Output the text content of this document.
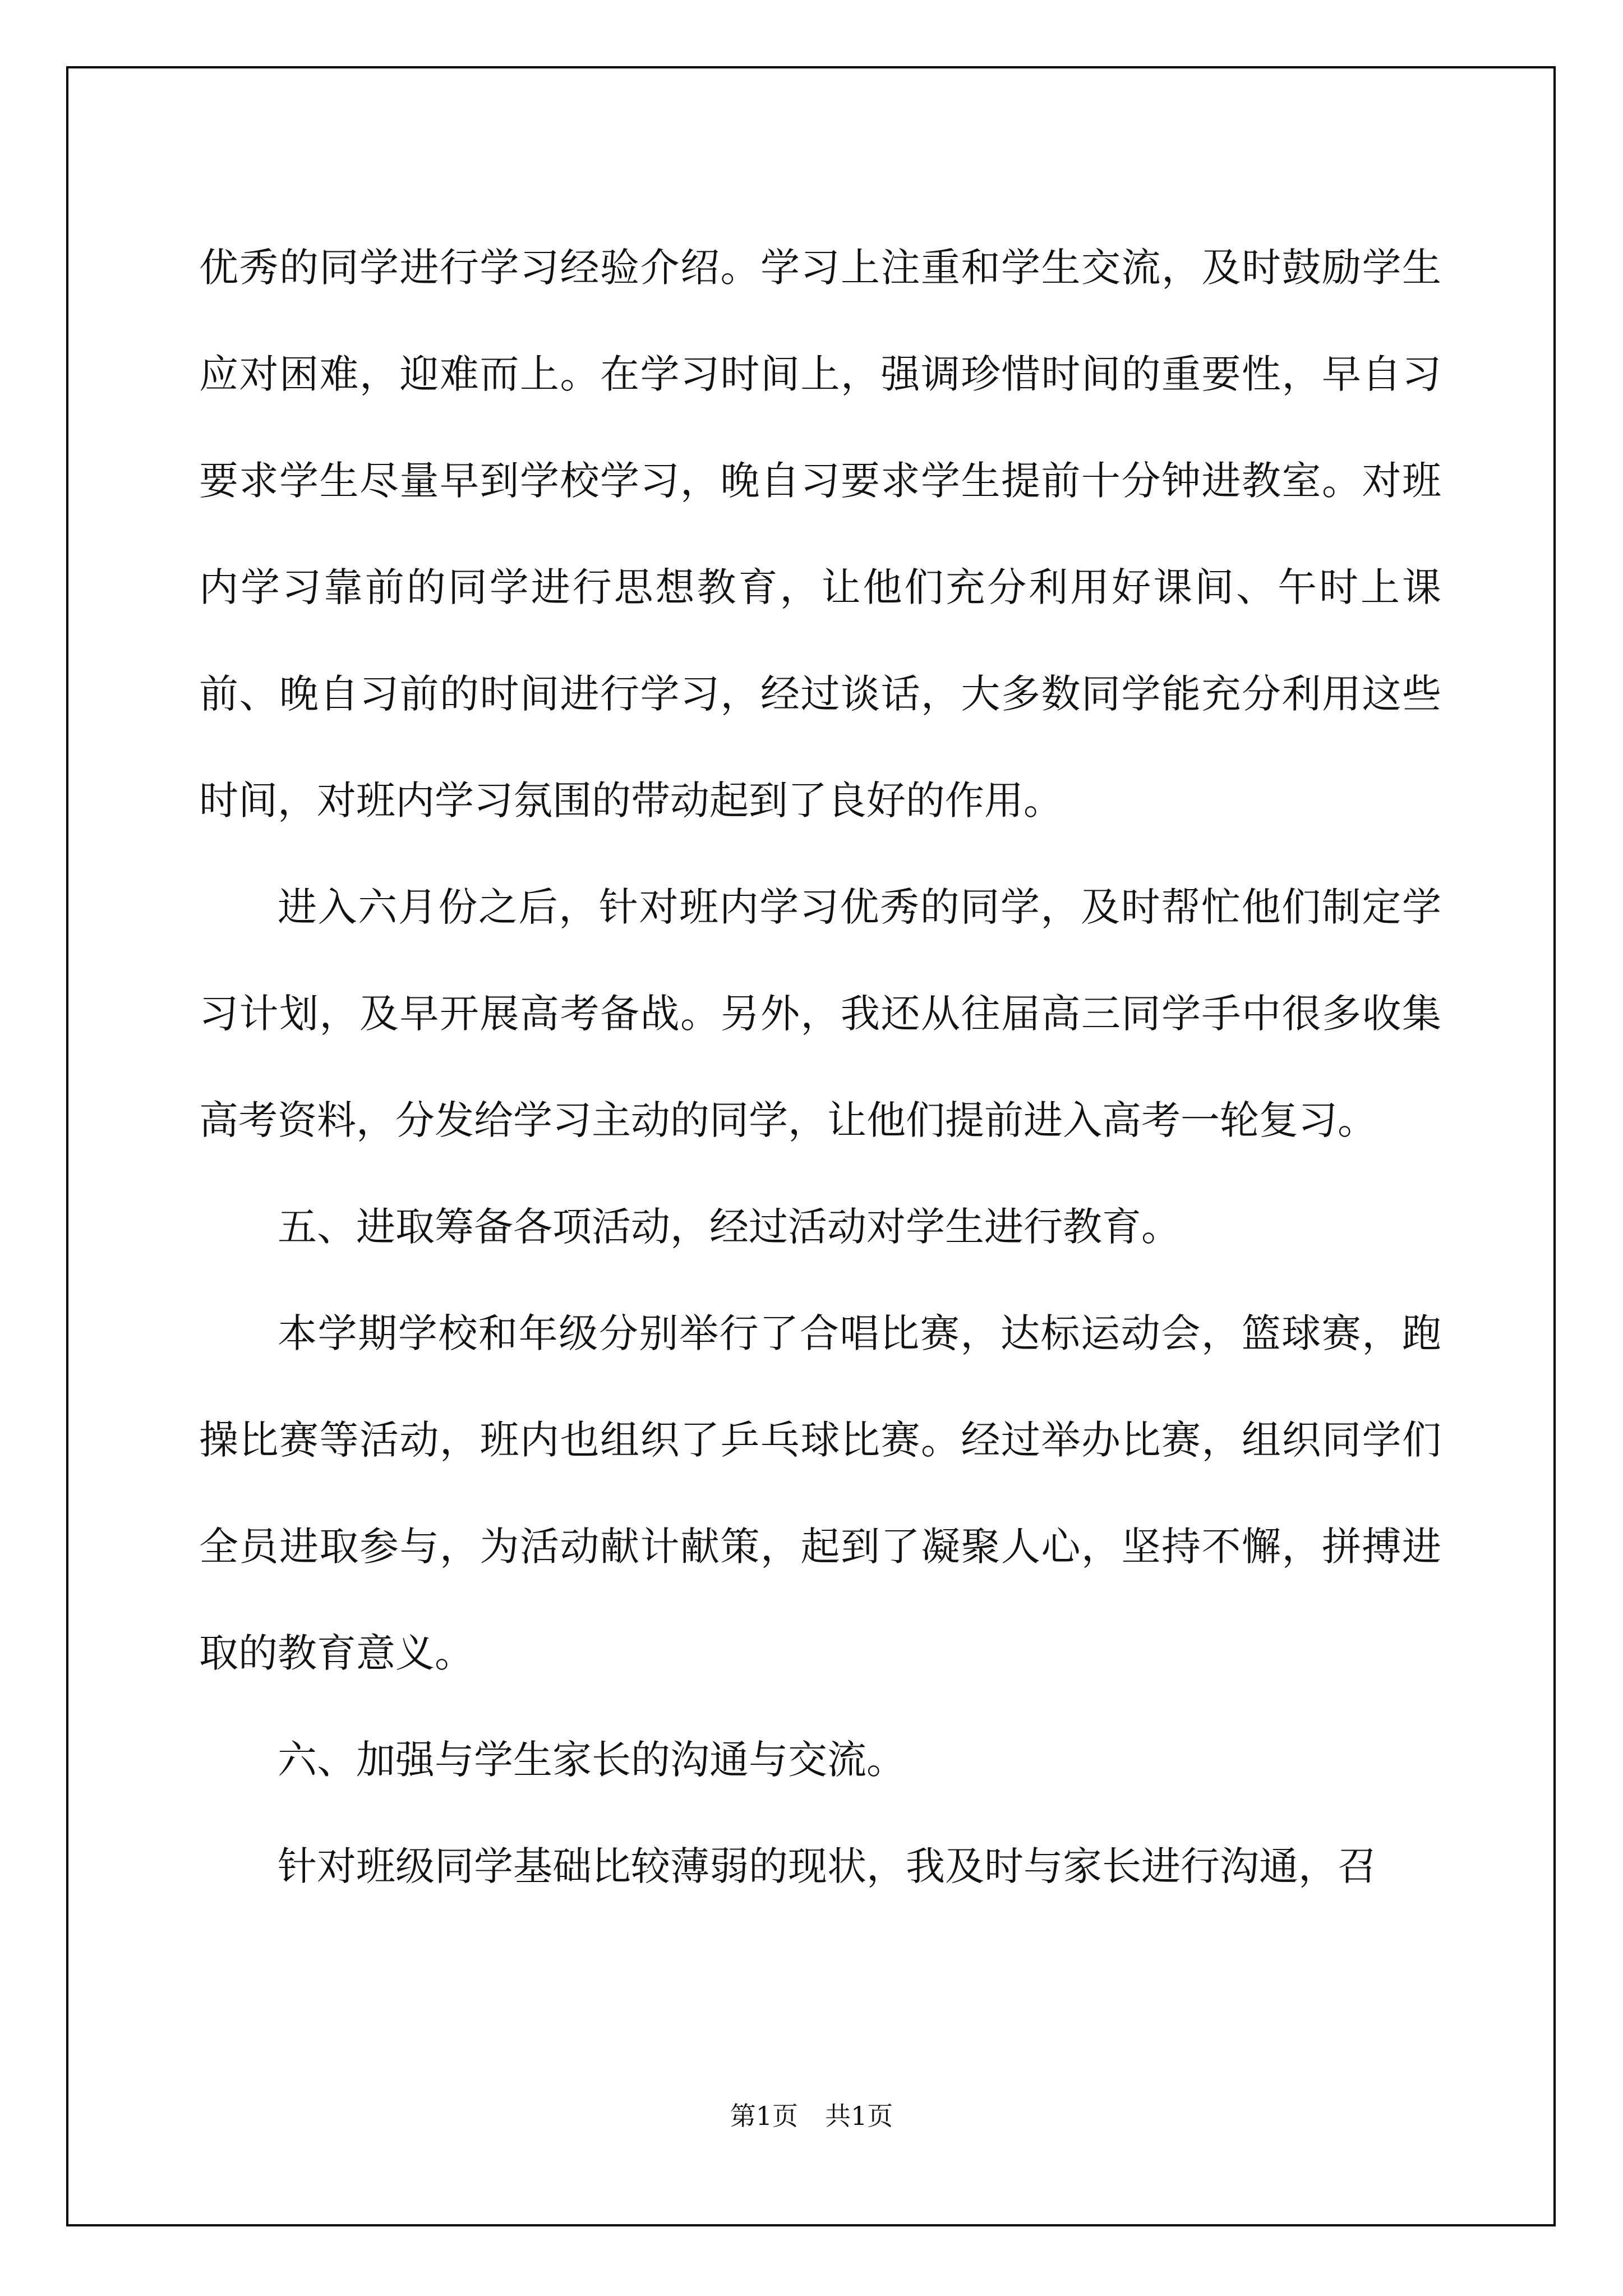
优秀的同学进行学习经验介绍。学习上注重和学生交流，及时鼓励学生应对困难，迎难而上。在学习时间上，强调珍惜时间的重要性，早自习要求学生尽量早到学校学习，晚自习要求学生提前十分钟进教室。对班内学习靠前的同学进行思想教育，让他们充分利用好课间、午时上课前、晚自习前的时间进行学习，经过谈话，大多数同学能充分利用这些时间，对班内学习氛围的带动起到了良好的作用。

进入六月份之后，针对班内学习优秀的同学，及时帮忙他们制定学习计划，及早开展高考备战。另外，我还从往届高三同学手中很多收集高考资料，分发给学习主动的同学，让他们提前进入高考一轮复习。

五、进取筹备各项活动，经过活动对学生进行教育。

本学期学校和年级分别举行了合唱比赛，达标运动会，篮球赛，跑操比赛等活动，班内也组织了乒乓球比赛。经过举办比赛，组织同学们全员进取参与，为活动献计献策，起到了凝聚人心，坚持不懈，拼搏进取的教育意义。

六、加强与学生家长的沟通与交流。

针对班级同学基础比较薄弱的现状，我及时与家长进行沟通，召

第1页 共1页
